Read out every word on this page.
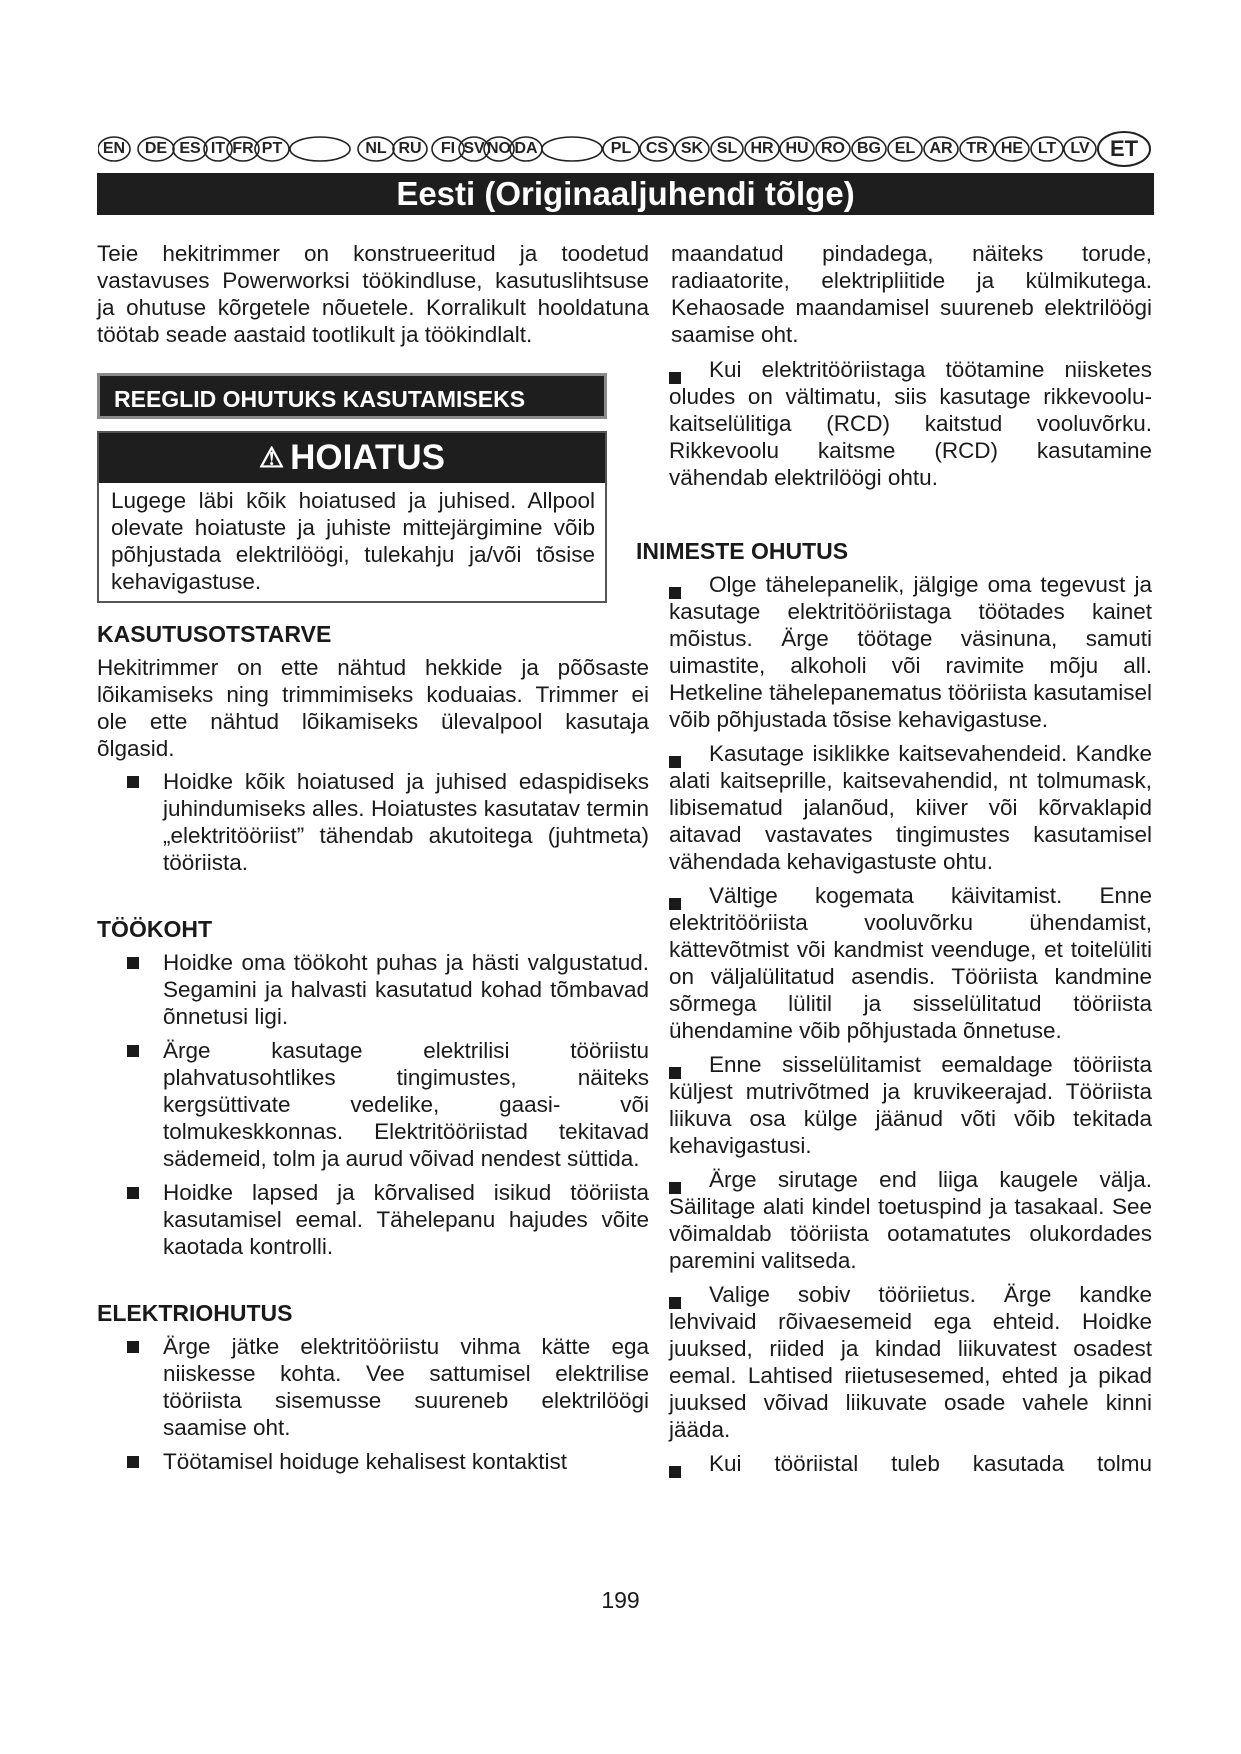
EN	DE ES IT FR PT	NL RU	FI SV NO DA	PL CS SK SL HR HU RO BG EL AR TR HE LT LV ET
Eesti (Originaaljuhendi tõlge)

Teie hekitrimmer on konstrueeritud ja toodetud vastavuses Powerworksi töökindluse, kasutuslihtsuse ja ohutuse kõrgetele nõuetele. Korralikult hooldatuna töötab seade aastaid tootlikult ja töökindlalt.

REEGLID OHUTUKS KASUTAMISEKS
⚠ HOIATUS
Lugege läbi kõik hoiatused ja juhised. Allpool olevate hoiatuste ja juhiste mittejärgimine võib põhjustada elektrilöögi, tulekahju ja/või tõsise kehavigastuse.
KASUTUSOTSTARVE

Hekitrimmer on ette nähtud hekkide ja põõsaste lõikamiseks ning trimmimiseks koduaias. Trimmer ei ole ette nähtud lõikamiseks ülevalpool kasutaja õlgasid.

Hoidke kõik hoiatused ja juhised edaspidiseks juhindumiseks alles. Hoiatustes kasutatav termin „elektritööriist” tähendab akutoitega (juhtmeta) tööriista.
TÖÖKOHT
Hoidke oma töökoht puhas ja hästi valgustatud. Segamini ja halvasti kasutatud kohad tõmbavad õnnetusi ligi.
Ärge kasutage elektrilisi tööriistu plahvatusohtlikes tingimustes, näiteks kergsüttivate vedelike, gaasi- või tolmukeskkonnas. Elektritööriistad tekitavad sädemeid, tolm ja aurud võivad nendest süttida.
Hoidke lapsed ja kõrvalised isikud tööriista kasutamisel eemal. Tähelepanu hajudes võite kaotada kontrolli.
ELEKTRIOHUTUS
Ärge jätke elektritööriistu vihma kätte ega niiskesse kohta. Vee sattumisel elektrilise tööriista sisemusse suureneb elektrilöögi saamise oht.
Töötamisel hoiduge kehalisest kontaktist

maandatud pindadega, näiteks torude, radiaatorite, elektripliitide ja külmikutega. Kehaosade maandamisel suureneb elektrilöögi saamise oht.

Kui elektritööriistaga töötamine niisketes oludes on vältimatu, siis kasutage rikkevoolu-kaitselülitiga (RCD) kaitstud vooluvõrku. Rikkevoolu kaitsme (RCD) kasutamine vähendab elektrilöögi ohtu.

INIMESTE OHUTUS

Olge tähelepanelik, jälgige oma tegevust ja kasutage elektritööriistaga töötades kainet mõistus. Ärge töötage väsinuna, samuti uimastite, alkoholi või ravimite mõju all. Hetkeline tähelepanematus tööriista kasutamisel võib põhjustada tõsise kehavigastuse.

Kasutage isiklikke kaitsevahendeid. Kandke alati kaitseprille, kaitsevahendid, nt tolmumask, libisematud jalanõud, kiiver või kõrvaklapid aitavad vastavates tingimustes kasutamisel vähendada kehavigastuste ohtu.

Vältige kogemata käivitamist. Enne elektritööriista vooluvõrku ühendamist, kättevõtmist või kandmist veenduge, et toitelüliti on väljalülitatud asendis. Tööriista kandmine sõrmega lülitil ja sisselülitatud tööriista ühendamine võib põhjustada õnnetuse.

Enne sisselülitamist eemaldage tööriista küljest mutrivõtmed ja kruvikeerajad. Tööriista liikuva osa külge jäänud võti võib tekitada kehavigastusi.

Ärge sirutage end liiga kaugele välja. Säilitage alati kindel toetuspind ja tasakaal. See võimaldab tööriista ootamatutes olukordades paremini valitseda.

Valige sobiv tööriietus. Ärge kandke lehvivaid rõivaesemeid ega ehteid. Hoidke juuksed, riided ja kindad liikuvatest osadest eemal. Lahtised riietusesemed, ehted ja pikad juuksed võivad liikuvate osade vahele kinni jääda.

Kui tööriistal tuleb kasutada tolmu

199
